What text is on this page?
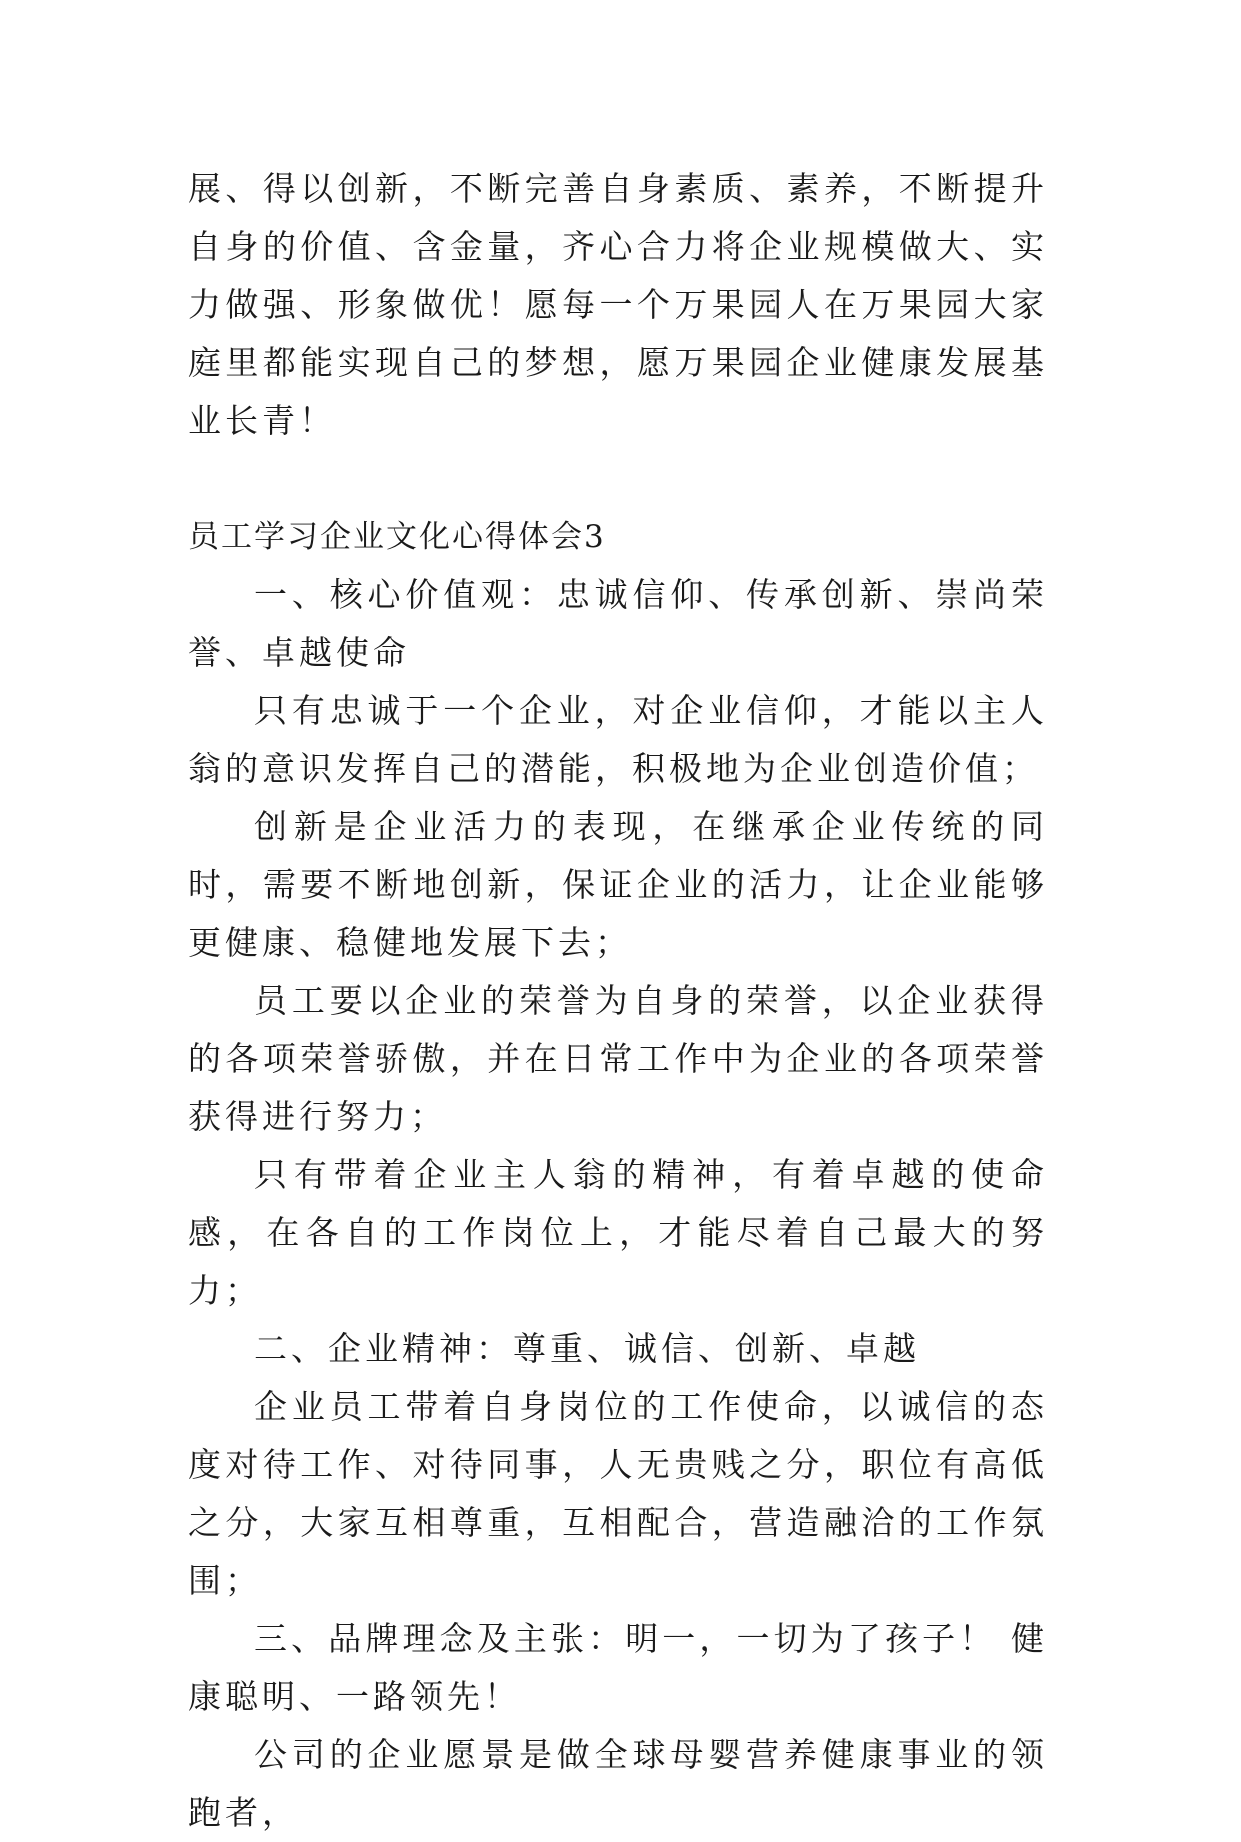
展、得以创新，不断完善自身素质、素养，不断提升自身的价值、含金量，齐心合力将企业规模做大、实力做强、形象做优！愿每一个万果园人在万果园大家庭里都能实现自己的梦想，愿万果园企业健康发展基业长青！

员工学习企业文化心得体会3

一、核心价值观：忠诚信仰、传承创新、崇尚荣誉、卓越使命

只有忠诚于一个企业，对企业信仰，才能以主人翁的意识发挥自己的潜能，积极地为企业创造价值；

创新是企业活力的表现，在继承企业传统的同时，需要不断地创新，保证企业的活力，让企业能够更健康、稳健地发展下去；

员工要以企业的荣誉为自身的荣誉，以企业获得的各项荣誉骄傲，并在日常工作中为企业的各项荣誉获得进行努力；

只有带着企业主人翁的精神，有着卓越的使命感，在各自的工作岗位上，才能尽着自己最大的努力；

二、企业精神：尊重、诚信、创新、卓越

企业员工带着自身岗位的工作使命，以诚信的态度对待工作、对待同事，人无贵贱之分，职位有高低之分，大家互相尊重，互相配合，营造融洽的工作氛围；

三、品牌理念及主张：明一，一切为了孩子！ 健康聪明、一路领先！

公司的企业愿景是做全球母婴营养健康事业的领跑者，
